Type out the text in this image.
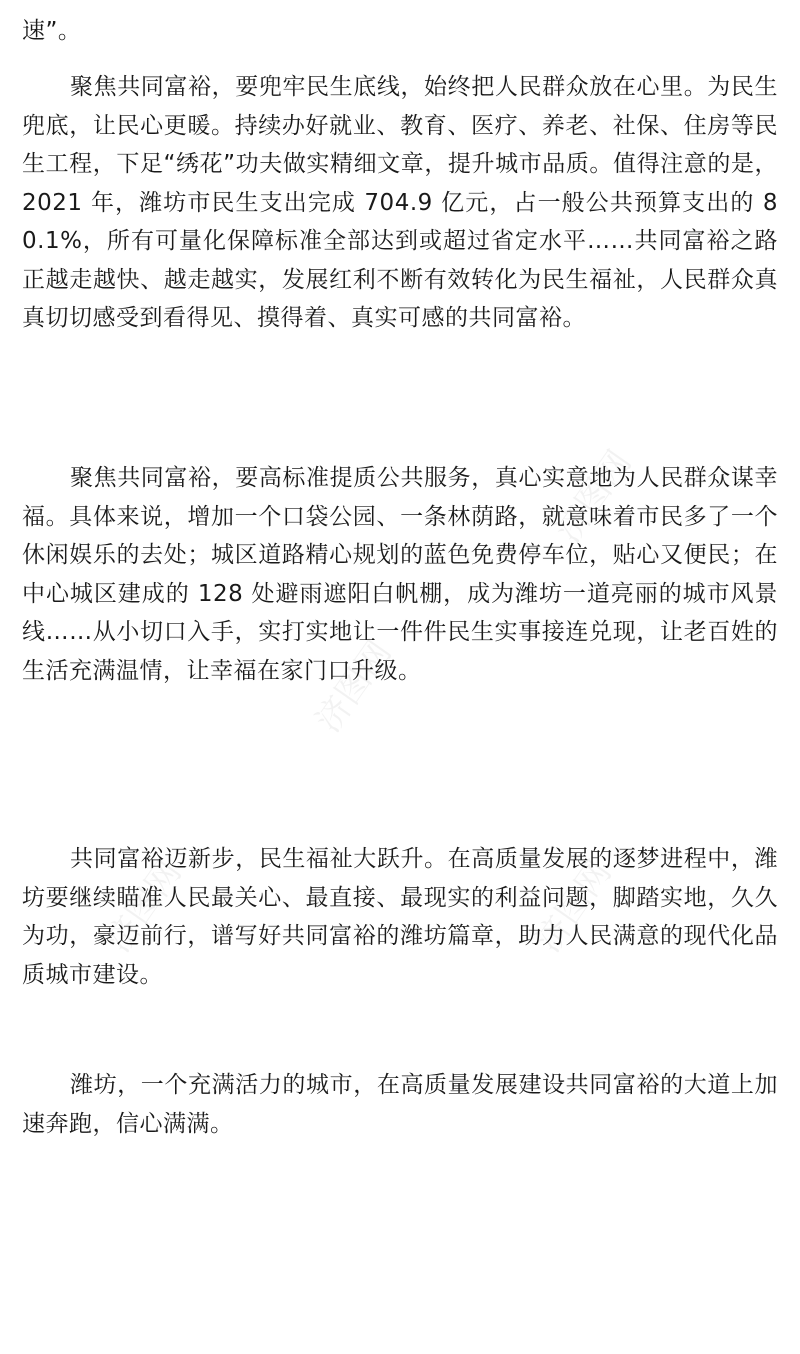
速”。

聚焦共同富裕，要兜牢民生底线，始终把人民群众放在心里。为民生兜底，让民心更暖。持续办好就业、教育、医疗、养老、社保、住房等民生工程，下足“绣花”功夫做实精细文章，提升城市品质。值得注意的是，2021 年，潍坊市民生支出完成 704.9 亿元，占一般公共预算支出的 80.1%，所有可量化保障标准全部达到或超过省定水平……共同富裕之路正越走越快、越走越实，发展红利不断有效转化为民生福祉，人民群众真真切切感受到看得见、摸得着、真实可感的共同富裕。

聚焦共同富裕，要高标准提质公共服务，真心实意地为人民群众谋幸福。具体来说，增加一个口袋公园、一条林荫路，就意味着市民多了一个休闲娱乐的去处；城区道路精心规划的蓝色免费停车位，贴心又便民；在中心城区建成的 128 处避雨遮阳白帆棚，成为潍坊一道亮丽的城市风景线……从小切口入手，实打实地让一件件民生实事接连兑现，让老百姓的生活充满温情，让幸福在家门口升级。

共同富裕迈新步，民生福祉大跃升。在高质量发展的逐梦进程中，潍坊要继续瞄准人民最关心、最直接、最现实的利益问题，脚踏实地，久久为功，豪迈前行，谱写好共同富裕的潍坊篇章，助力人民满意的现代化品质城市建设。

潍坊，一个充满活力的城市，在高质量发展建设共同富裕的大道上加速奔跑，信心满满。

济图网
济图网
济图网	济图网
